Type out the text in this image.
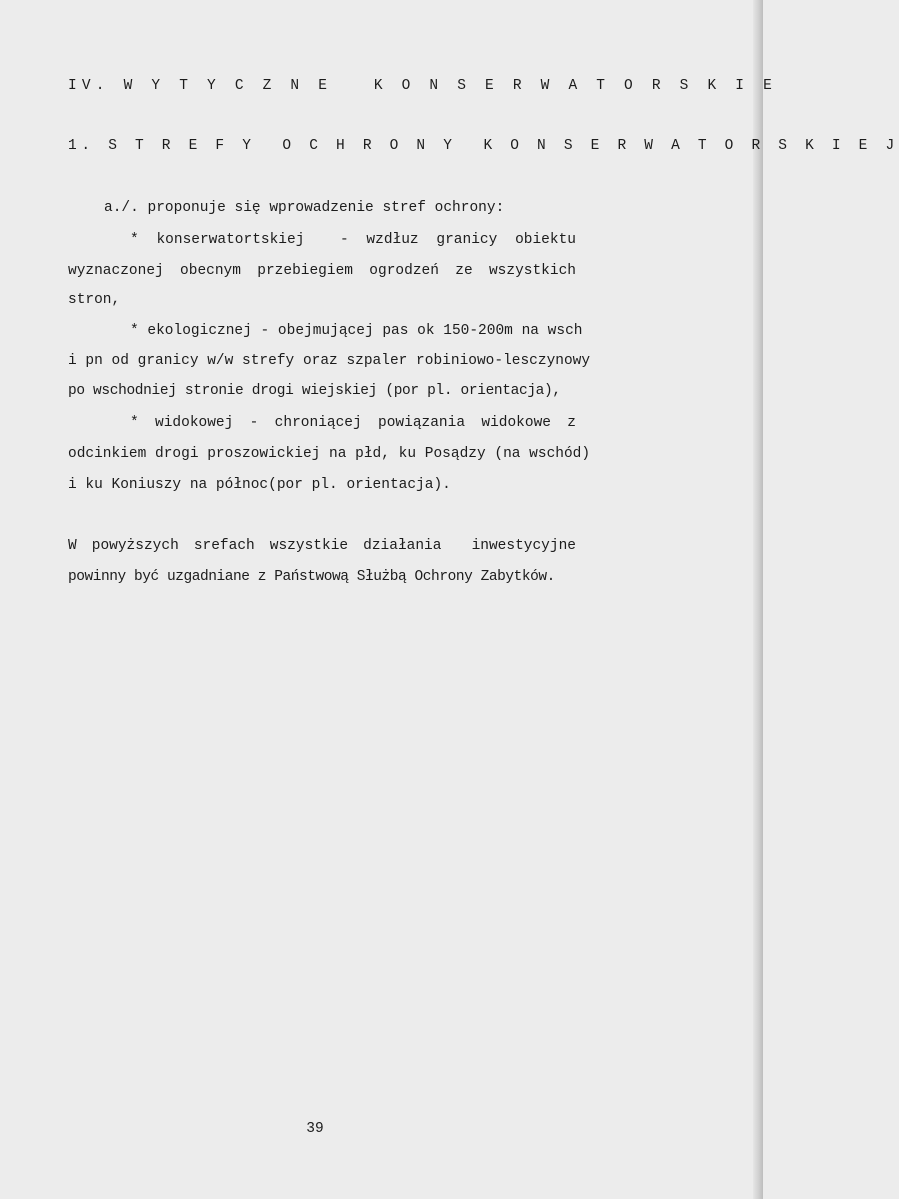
IV. W Y T Y C Z N E   K O N S E R W A T O R S K I E

1. S T R E F Y  O C H R O N Y  K O N S E R W A T O R S K I E J

a./. proponuje się wprowadzenie stref ochrony:

* konserwatortskiej  - wzdłuz granicy obiektu

wyznaczonej obecnym przebiegiem ogrodzeń ze wszystkich

stron,

* ekologicznej - obejmującej pas ok 150-200m na wsch

i pn od granicy w/w strefy oraz szpaler robiniowo-lesczynowy

po wschodniej stronie drogi wiejskiej (por pl. orientacja),

* widokowej - chroniącej powiązania widokowe z

odcinkiem drogi proszowickiej na płd, ku Posądzy (na wschód)

i ku Koniuszy na północ(por pl. orientacja).

W powyższych srefach wszystkie działania  inwestycyjne

powinny być uzgadniane z Państwową Służbą Ochrony Zabytków.

39
